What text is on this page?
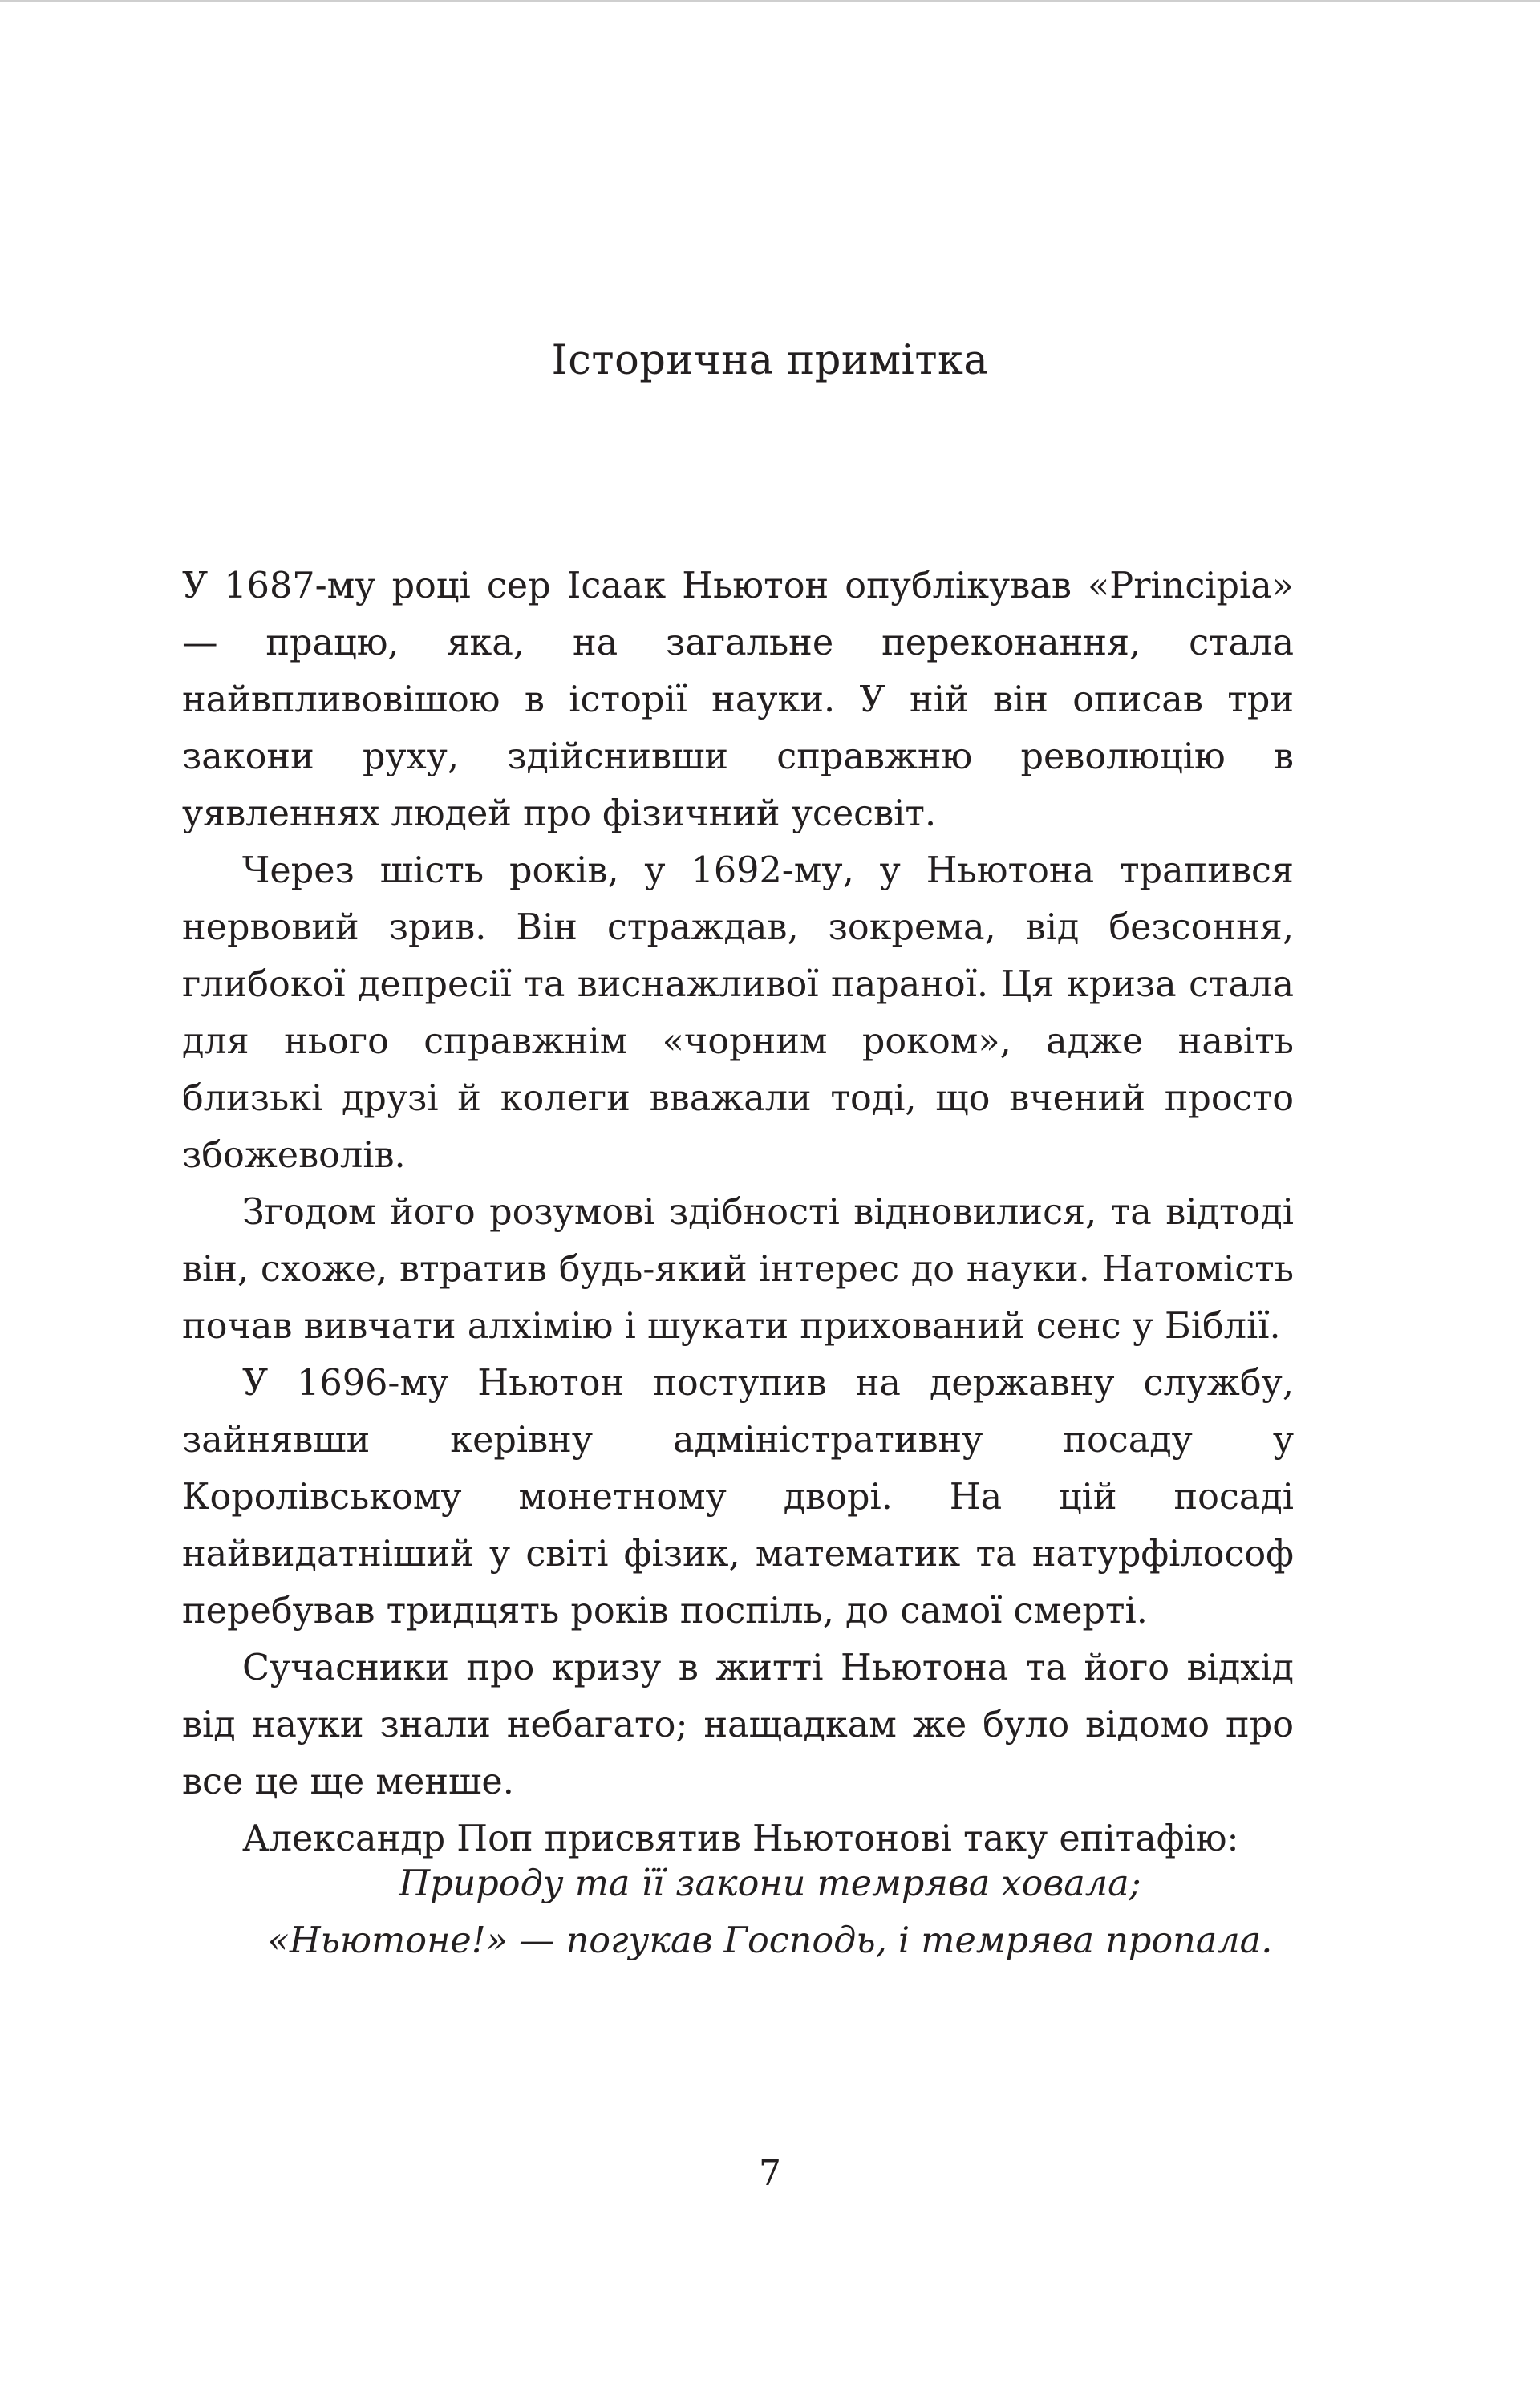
Історична примітка

У 1687-му році сер Ісаак Ньютон опублікував «Principia» — працю, яка, на загальне переконання, стала найвпливовішою в історії науки. У ній він описав три закони руху, здійснивши справжню революцію в уявленнях людей про фізичний усесвіт.

Через шість років, у 1692-му, у Ньютона трапився нервовий зрив. Він страждав, зокрема, від безсоння, глибокої депресії та виснажливої параної. Ця криза стала для нього справжнім «чорним роком», адже навіть близькі друзі й колеги вважали тоді, що вчений просто збожеволів.

Згодом його розумові здібності відновилися, та відтоді він, схоже, втратив будь-який інтерес до науки. Натомість почав вивчати алхімію і шукати прихований сенс у Біблії.

У 1696-му Ньютон поступив на державну службу, зайнявши керівну адміністративну посаду у Королівському монетному дворі. На цій посаді найвидатніший у світі фізик, математик та натурфілософ перебував тридцять років поспіль, до самої смерті.

Сучасники про кризу в житті Ньютона та його відхід від науки знали небагато; нащадкам же було відомо про все це ще менше.

Александр Поп присвятив Ньютонові таку епітафію:

Природу та її закони темрява ховала;
«Ньютоне!» — погукав Господь, і темрява пропала.
7
